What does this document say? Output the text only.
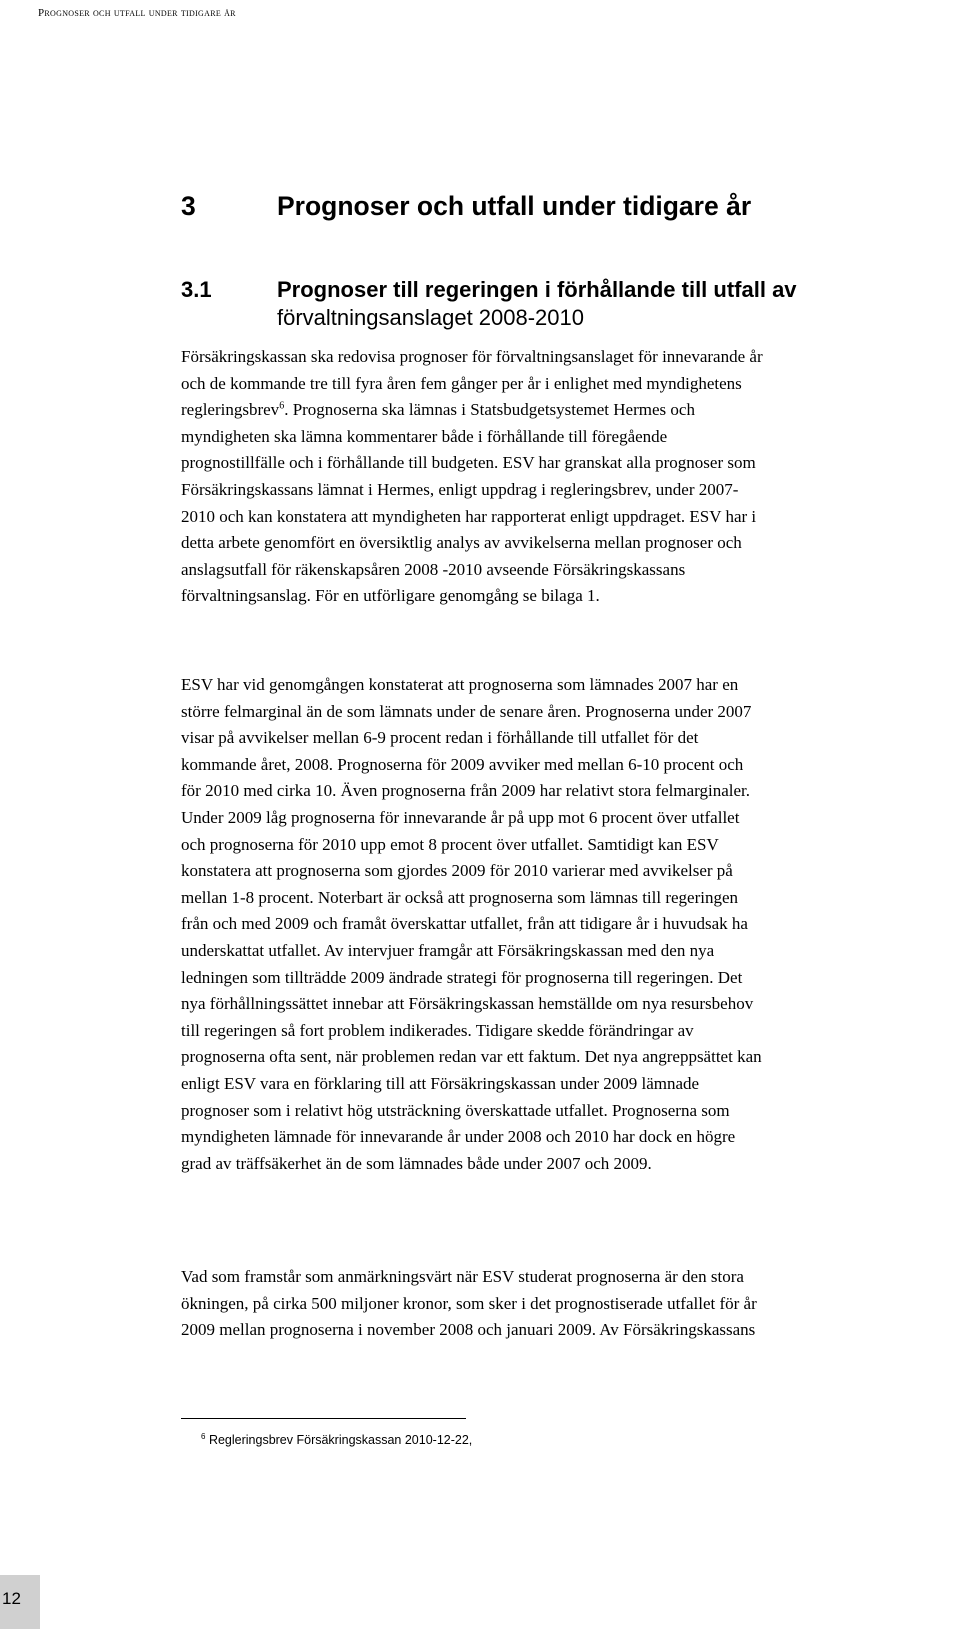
Prognoser och utfall under tidigare år
3	Prognoser och utfall under tidigare år
3.1	Prognoser till regeringen i förhållande till utfall av
förvaltningsanslaget 2008-2010
Försäkringskassan ska redovisa prognoser för förvaltningsanslaget för innevarande år
och de kommande tre till fyra åren fem gånger per år i enlighet med myndighetens
regleringsbrev$^6$. Prognoserna ska lämnas i Statsbudgetsystemet Hermes och
myndigheten ska lämna kommentarer både i förhållande till föregående
prognostillfälle och i förhållande till budgeten. ESV har granskat alla prognoser som
Försäkringskassans lämnat i Hermes, enligt uppdrag i regleringsbrev, under 2007-
2010 och kan konstatera att myndigheten har rapporterat enligt uppdraget. ESV har i
detta arbete genomfört en översiktlig analys av avvikelserna mellan prognoser och
anslagsutfall för räkenskapsåren 2008 -2010 avseende Försäkringskassans
förvaltningsanslag. För en utförligare genomgång se bilaga 1.
ESV har vid genomgången konstaterat att prognoserna som lämnades 2007 har en
större felmarginal än de som lämnats under de senare åren. Prognoserna under 2007
visar på avvikelser mellan 6-9 procent redan i förhållande till utfallet för det
kommande året, 2008. Prognoserna för 2009 avviker med mellan 6-10 procent och
för 2010 med cirka 10. Även prognoserna från 2009 har relativt stora felmarginaler.
Under 2009 låg prognoserna för innevarande år på upp mot 6 procent över utfallet
och prognoserna för 2010 upp emot 8 procent över utfallet. Samtidigt kan ESV
konstatera att prognoserna som gjordes 2009 för 2010 varierar med avvikelser på
mellan 1-8 procent. Noterbart är också att prognoserna som lämnas till regeringen
från och med 2009 och framåt överskattar utfallet, från att tidigare år i huvudsak ha
underskattat utfallet. Av intervjuer framgår att Försäkringskassan med den nya
ledningen som tillträdde 2009 ändrade strategi för prognoserna till regeringen. Det
nya förhållningssättet innebar att Försäkringskassan hemställde om nya resursbehov
till regeringen så fort problem indikerades. Tidigare skedde förändringar av
prognoserna ofta sent, när problemen redan var ett faktum. Det nya angreppsättet kan
enligt ESV vara en förklaring till att Försäkringskassan under 2009 lämnade
prognoser som i relativt hög utsträckning överskattade utfallet. Prognoserna som
myndigheten lämnade för innevarande år under 2008 och 2010 har dock en högre
grad av träffsäkerhet än de som lämnades både under 2007 och 2009.
Vad som framstår som anmärkningsvärt när ESV studerat prognoserna är den stora
ökningen, på cirka 500 miljoner kronor, som sker i det prognostiserade utfallet för år
2009 mellan prognoserna i november 2008 och januari 2009. Av Försäkringskassans
$^6$ Regleringsbrev Försäkringskassan 2010-12-22,
12
